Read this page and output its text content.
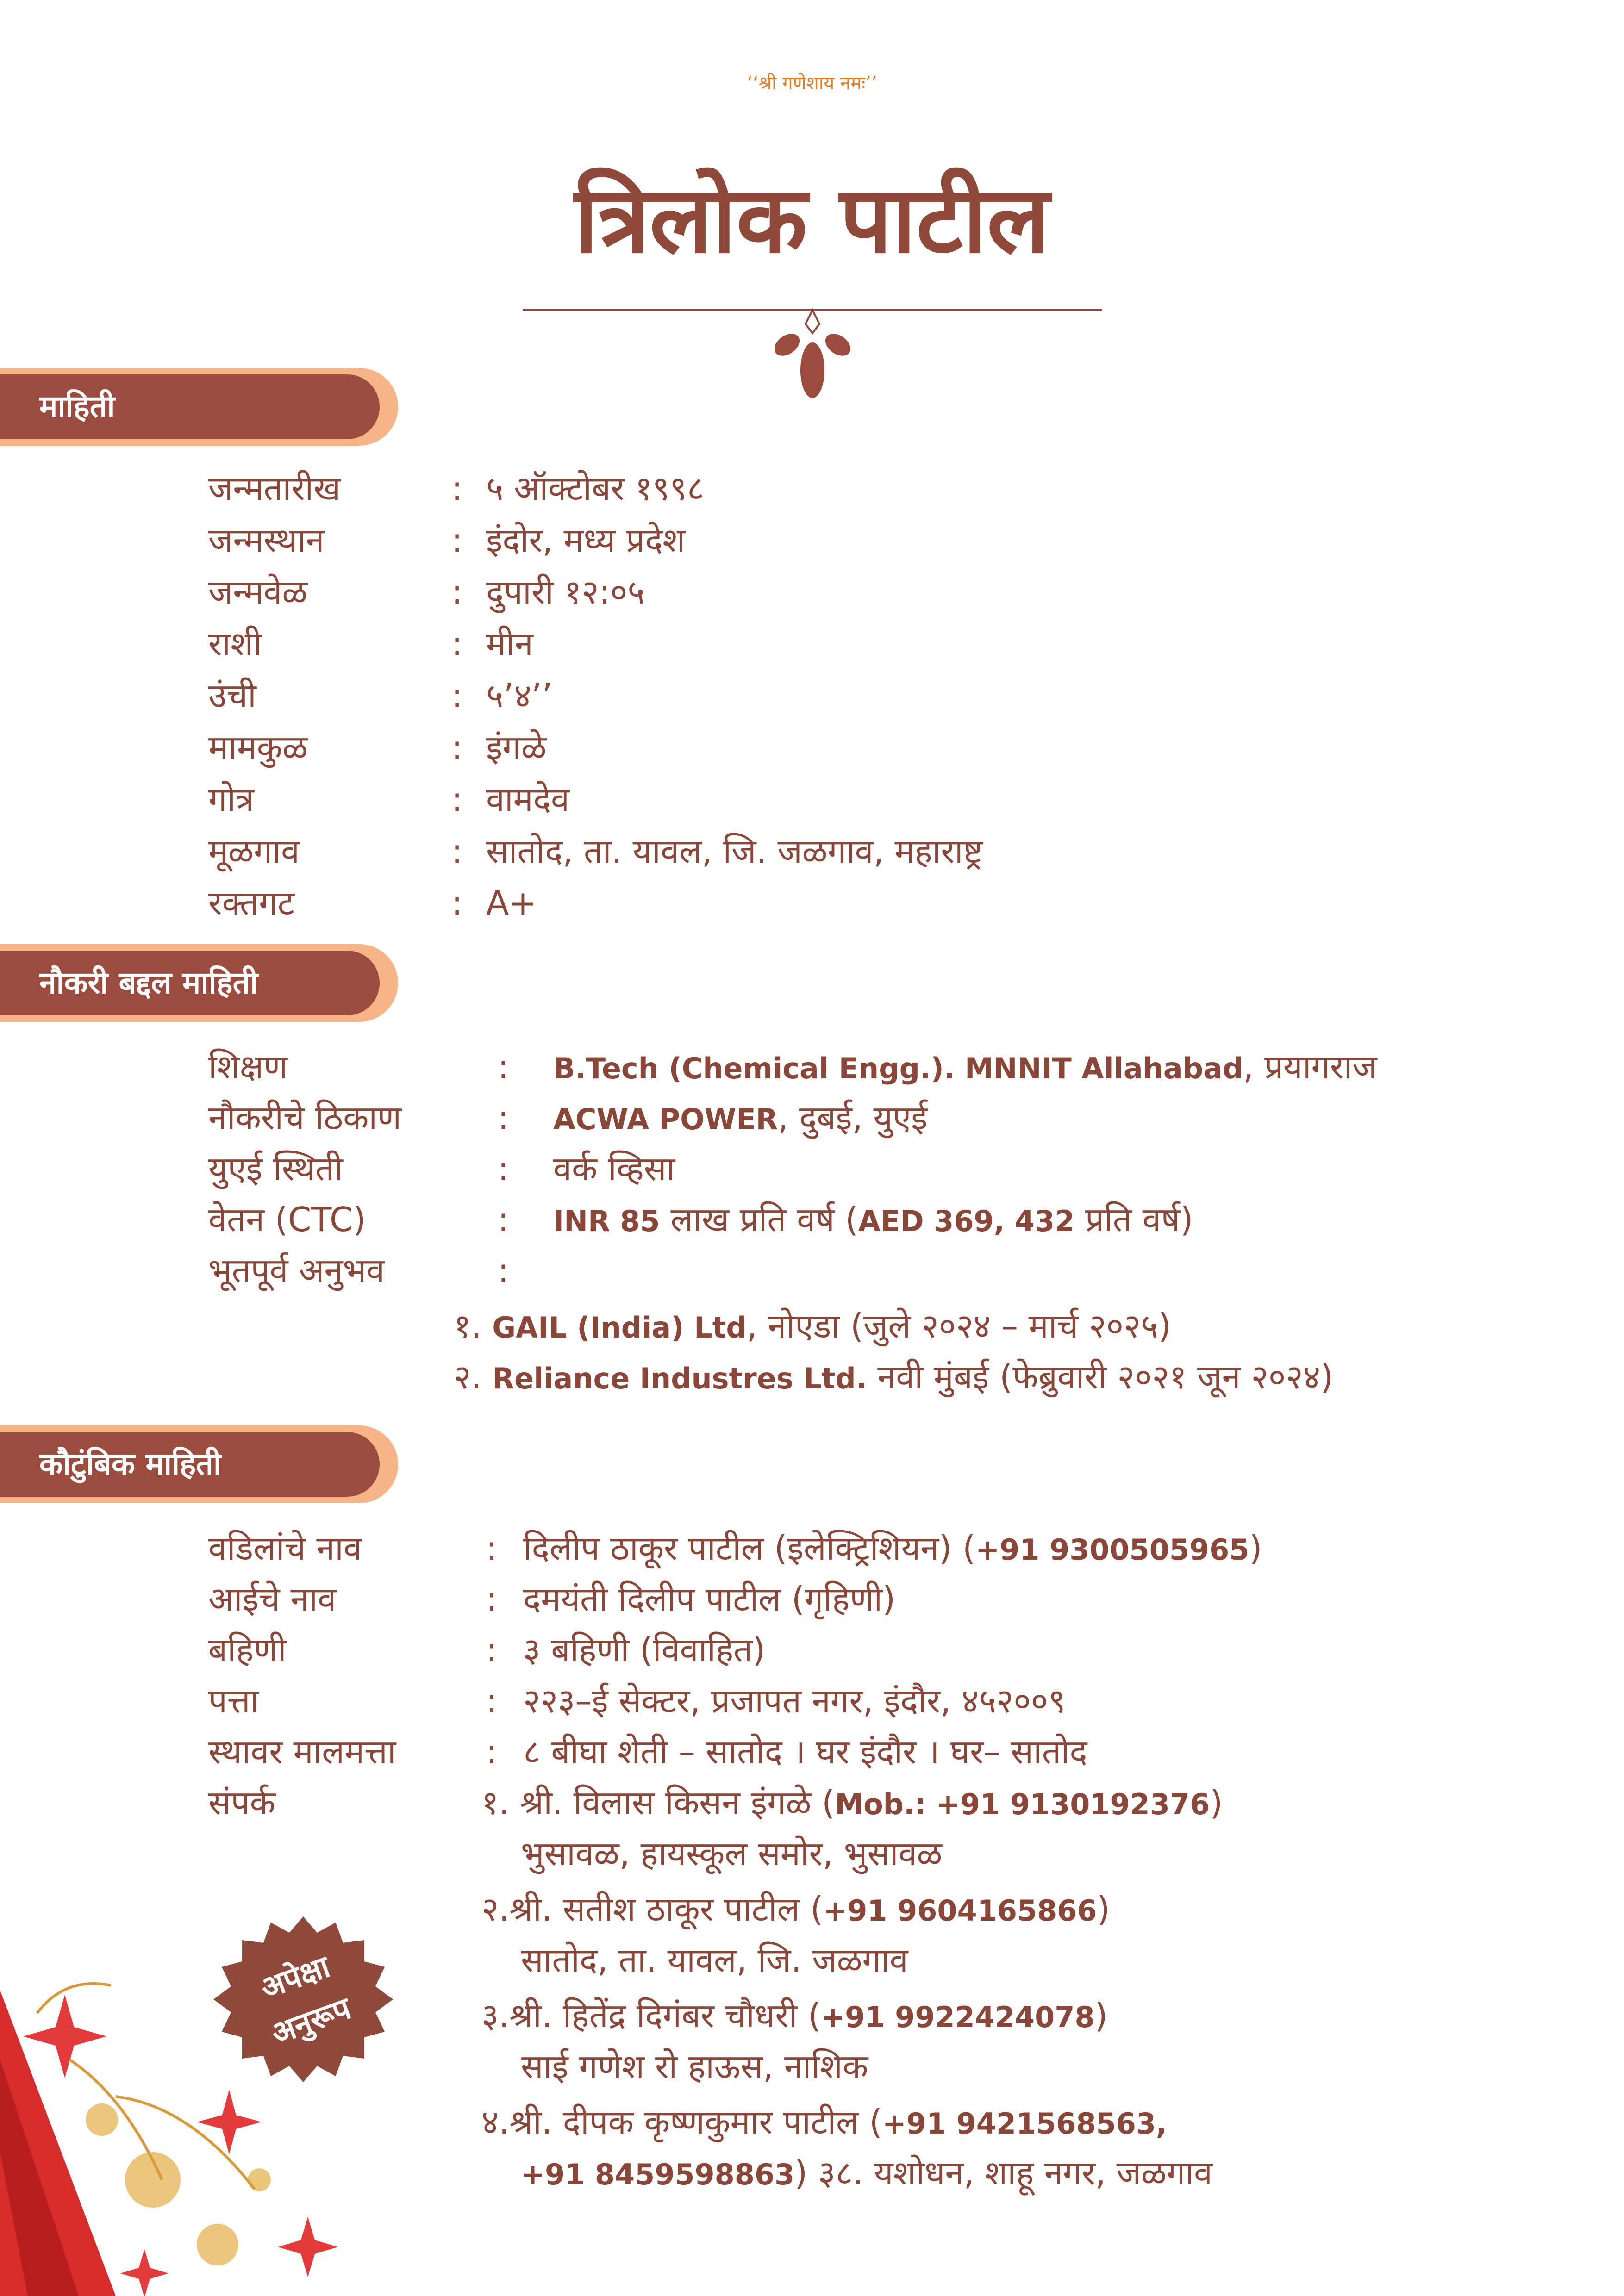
‘‘श्री गणेशाय नमः’’
त्रिलोक पाटील
माहिती
जन्मतारीख	: ५ ऑक्टोबर १९९८
जन्मस्थान	: इंदोर, मध्य प्रदेश
जन्मवेळ	: दुपारी १२:०५
राशी	: मीन
उंची	: ५’४’’
मामकुळ	: इंगळे
गोत्र	: वामदेव
मूळगाव	: सातोद, ता. यावल, जि. जळगाव, महाराष्ट्र
रक्तगट	: A+
नौकरी बद्दल माहिती
शिक्षण	: B.Tech (Chemical Engg.). MNNIT Allahabad, प्रयागराज
नौकरीचे ठिकाण	: ACWA POWER, दुबई, युएई
युएई स्थिती	: वर्क व्हिसा
वेतन (CTC)	: INR 85 लाख प्रति वर्ष (AED 369, 432 प्रति वर्ष)
भूतपूर्व अनुभव	:
१. GAIL (India) Ltd, नोएडा (जुले २०२४ – मार्च २०२५)
२. Reliance Industres Ltd. नवी मुंबई (फेब्रुवारी २०२१ जून २०२४)
कौटुंबिक माहिती
वडिलांचे नाव	: दिलीप ठाकूर पाटील (इलेक्ट्रिशियन) (+91 9300505965)
आईचे नाव	: दमयंती दिलीप पाटील (गृहिणी)
बहिणी	: ३ बहिणी (विवाहित)
पत्ता	: २२३–ई सेक्टर, प्रजापत नगर, इंदौर, ४५२००९
स्थावर मालमत्ता	: ८ बीघा शेती – सातोद । घर इंदौर । घर– सातोद
संपर्क	१. श्री. विलास किसन इंगळे (Mob.: +91 9130192376)
भुसावळ, हायस्कूल समोर, भुसावळ
२.श्री. सतीश ठाकूर पाटील (+91 9604165866)
सातोद, ता. यावल, जि. जळगाव
३.श्री. हितेंद्र दिगंबर चौधरी (+91 9922424078)
साई गणेश रो हाऊस, नाशिक
४.श्री. दीपक कृष्णकुमार पाटील (+91 9421568563,
+91 8459598863) ३८. यशोधन, शाहू नगर, जळगाव
अपेक्षा
अनुरूप
